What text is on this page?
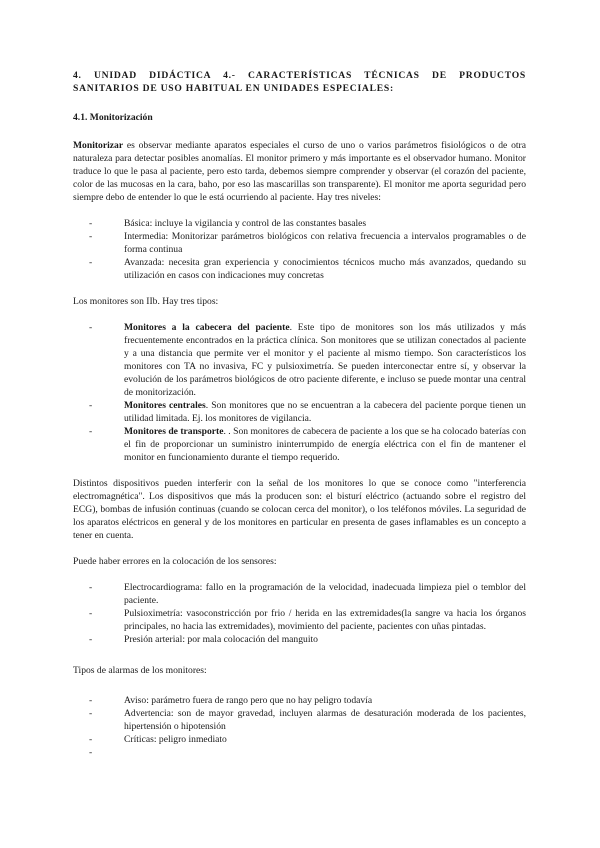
4. UNIDAD DIDÁCTICA 4.- CARACTERÍSTICAS TÉCNICAS DE PRODUCTOS SANITARIOS DE USO HABITUAL EN UNIDADES ESPECIALES:
4.1. Monitorización

Monitorizar es observar mediante aparatos especiales el curso de uno o varios parámetros fisiológicos o de otra naturaleza para detectar posibles anomalías. El monitor primero y más importante es el observador humano. Monitor traduce lo que le pasa al paciente, pero esto tarda, debemos siempre comprender y observar (el corazón del paciente, color de las mucosas en la cara, baho, por eso las mascarillas son transparente). El monitor me aporta seguridad pero siempre debo de entender lo que le está ocurriendo al paciente. Hay tres niveles:

-	Básica: incluye la vigilancia y control de las constantes basales
-	Intermedia: Monitorizar parámetros biológicos con relativa frecuencia a intervalos programables o de forma continua
-	Avanzada: necesita gran experiencia y conocimientos técnicos mucho más avanzados, quedando su utilización en casos con indicaciones muy concretas

Los monitores son IIb. Hay tres tipos:

-	Monitores a la cabecera del paciente. Este tipo de monitores son los más utilizados y más frecuentemente encontrados en la práctica clínica. Son monitores que se utilizan conectados al paciente y a una distancia que permite ver el monitor y el paciente al mismo tiempo. Son característicos los monitores con TA no invasiva, FC y pulsioximetría. Se pueden interconectar entre sí, y observar la evolución de los parámetros biológicos de otro paciente diferente, e incluso se puede montar una central de monitorización.
-	Monitores centrales. Son monitores que no se encuentran a la cabecera del paciente porque tienen un utilidad limitada. Ej. los monitores de vigilancia.
-	Monitores de transporte. . Son monitores de cabecera de paciente a los que se ha colocado baterías con el fin de proporcionar un suministro ininterrumpido de energía eléctrica con el fin de mantener el monitor en funcionamiento durante el tiempo requerido.

Distintos dispositivos pueden interferir con la señal de los monitores lo que se conoce como "interferencia electromagnética". Los dispositivos que más la producen son: el bisturí eléctrico (actuando sobre el registro del ECG), bombas de infusión continuas (cuando se colocan cerca del monitor), o los teléfonos móviles. La seguridad de los aparatos eléctricos en general y de los monitores en particular en presenta de gases inflamables es un concepto a tener en cuenta.

Puede haber errores en la colocación de los sensores:

-	Electrocardiograma: fallo en la programación de la velocidad, inadecuada limpieza piel o temblor del paciente.
-	Pulsioximetría: vasoconstricción por frio / herida en las extremidades(la sangre va hacia los órganos principales, no hacia las extremidades), movimiento del paciente, pacientes con uñas pintadas.
-	Presión arterial: por mala colocación del manguito

Tipos de alarmas de los monitores:

-	Aviso: parámetro fuera de rango pero que no hay peligro todavía
-	Advertencia: son de mayor gravedad, incluyen alarmas de desaturación moderada de los pacientes, hipertensión o hipotensión
-	Críticas: peligro inmediato
-
